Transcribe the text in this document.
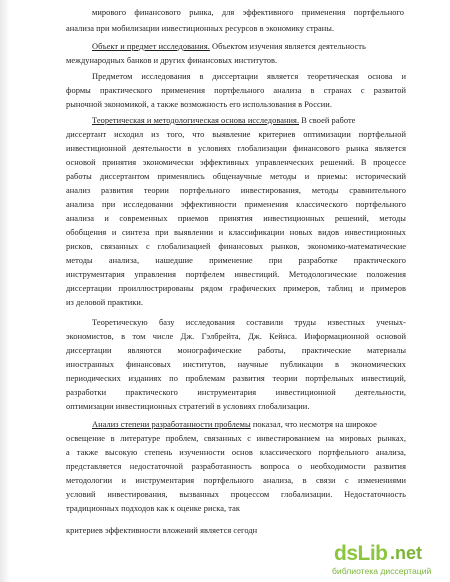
мирового финансового рынка, для эффективного применения портфельного
анализа при мобилизации инвестиционных ресурсов в экономику страны.
Объект и предмет исследования. Объектом изучения является деятельность
международных банков и других финансовых институтов.
Предметом исследования в диссертации является теоретическая основа и
формы практического применения портфельного анализа в странах с развитой
рыночной экономикой, а также возможность его использования в России.
Теоретическая и методологическая основа исследования. В своей работе
диссертант исходил из того, что выявление критериев оптимизации портфельной
инвестиционной деятельности в условиях глобализации финансового рынка является
основой принятия экономически эффективных управленческих решений. В процессе
работы диссертантом применялись общенаучные методы и приемы: исторический
анализ развития теории портфельного инвестирования, методы сравнительного
анализа при исследовании эффективности применения классического портфельного
анализа и современных приемов принятия инвестиционных решений, методы
обобщения и синтеза при выявлении и классификации новых видов инвестиционных
рисков, связанных с глобализацией финансовых рынков, экономико-математические
методы анализа, нашедшие применение при разработке практического
инструментария управления портфелем инвестиций. Методологические положения
диссертации проиллюстрированы рядом графических примеров, таблиц и примеров
из деловой практики.
Теоретическую базу исследования составили труды известных ученых-
экономистов, в том числе Дж. Гэлбрейта, Дж. Кейнса. Информационной основой
диссертации являются монографические работы, практические материалы
иностранных финансовых институтов, научные публикации в экономических
периодических изданиях по проблемам развития теории портфельных инвестиций,
разработки практического инструментария инвестиционной деятельности,
оптимизации инвестиционных стратегий в условиях глобализации.
Анализ степени разработанности проблемы показал, что несмотря на широкое
освещение в литературе проблем, связанных с инвестированием на мировых рынках,
а также высокую степень изученности основ классического портфельного анализа,
представляется недостаточной разработанность вопроса о необходимости развития
методологии и инструментария портфельного анализа, в связи с изменениями
условий инвестирования, вызванных процессом глобализации. Недостаточность
традиционных подходов как к оценке риска, так
критериев эффективности вложений является сегодн
dsLib .net
библиотека диссертаций
